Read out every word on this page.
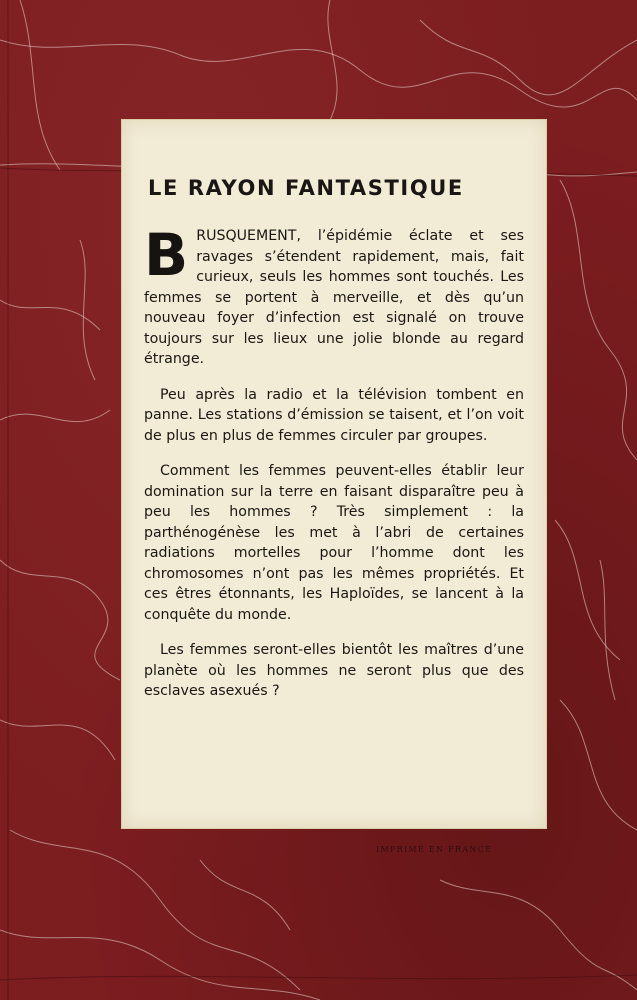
LE RAYON FANTASTIQUE

BRUSQUEMENT, l’épidémie éclate et ses ravages s’étendent rapidement, mais, fait curieux, seuls les hommes sont touchés. Les femmes se portent à merveille, et dès qu’un nouveau foyer d’infection est signalé on trouve toujours sur les lieux une jolie blonde au regard étrange.

Peu après la radio et la télévision tombent en panne. Les stations d’émission se taisent, et l’on voit de plus en plus de femmes circuler par groupes.

Comment les femmes peuvent-elles établir leur domination sur la terre en faisant disparaître peu à peu les hommes ? Très simplement : la parthénogénèse les met à l’abri de certaines radiations mortelles pour l’homme dont les chromosomes n’ont pas les mêmes propriétés. Et ces êtres étonnants, les Haploïdes, se lancent à la conquête du monde.

Les femmes seront-elles bientôt les maîtres d’une planète où les hommes ne seront plus que des esclaves asexués ?

IMPRIMÉ EN FRANCE
